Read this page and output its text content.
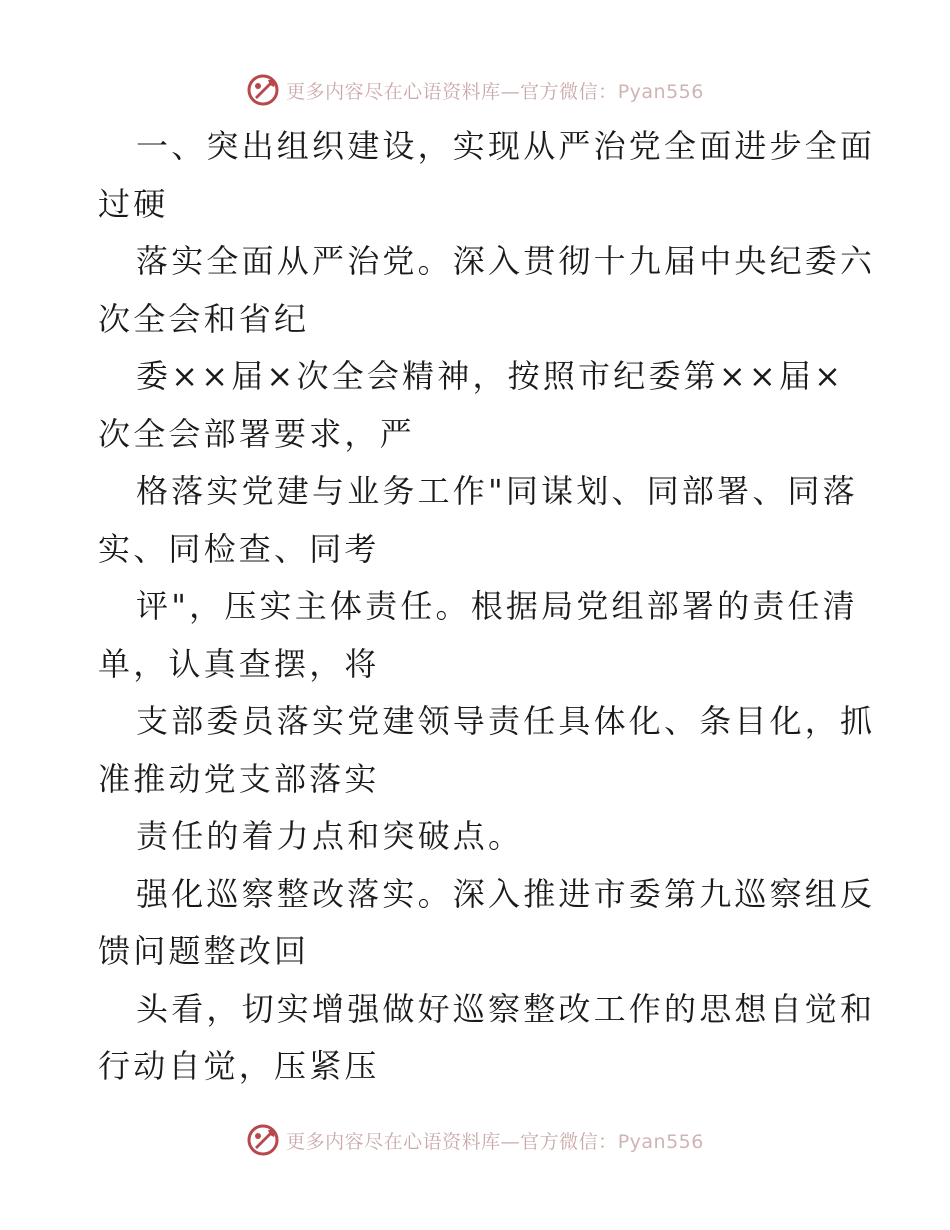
更多内容尽在心语资料库—官方微信：Pyan556
一、突出组织建设，实现从严治党全面进步全面
过硬
落实全面从严治党。深入贯彻十九届中央纪委六
次全会和省纪
委××届×次全会精神，按照市纪委第××届×
次全会部署要求，严
格落实党建与业务工作"同谋划、同部署、同落
实、同检查、同考
评"，压实主体责任。根据局党组部署的责任清
单，认真查摆，将
支部委员落实党建领导责任具体化、条目化，抓
准推动党支部落实
责任的着力点和突破点。
强化巡察整改落实。深入推进市委第九巡察组反
馈问题整改回
头看，切实增强做好巡察整改工作的思想自觉和
行动自觉，压紧压
更多内容尽在心语资料库—官方微信：Pyan556
